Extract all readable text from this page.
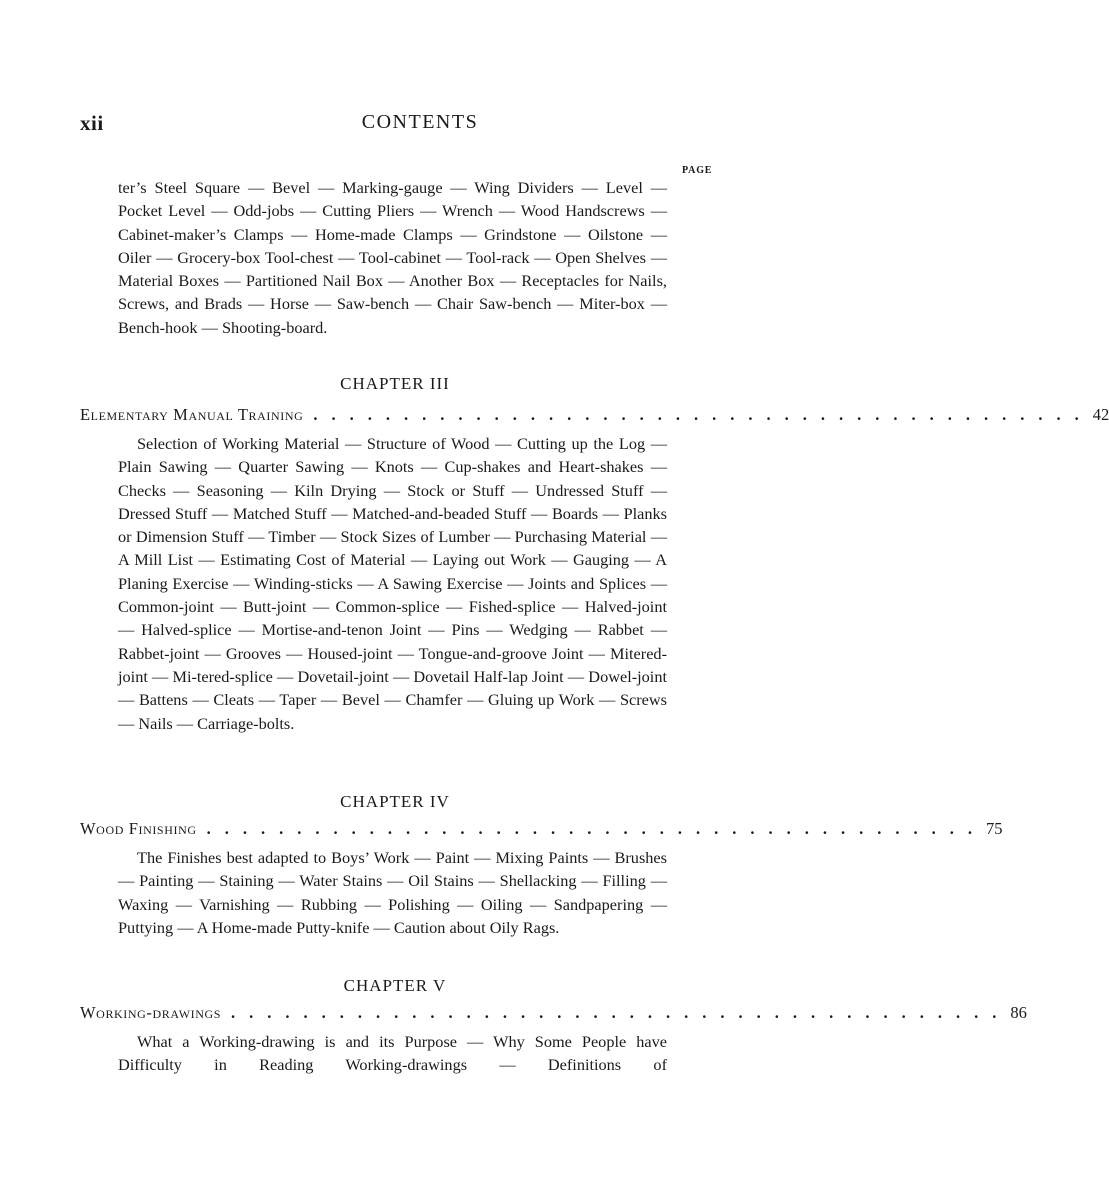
xii	CONTENTS
PAGE

ter’s Steel Square — Bevel — Marking-gauge — Wing Dividers — Level — Pocket Level — Odd-jobs — Cutting Pliers — Wrench — Wood Handscrews — Cabinet-maker’s Clamps — Home-made Clamps — Grindstone — Oilstone — Oiler — Grocery-box Tool-chest — Tool-cabinet — Tool-rack — Open Shelves — Material Boxes — Partitioned Nail Box — Another Box — Receptacles for Nails, Screws, and Brads — Horse — Saw-bench — Chair Saw-bench — Miter-box — Bench-hook — Shooting-board.

CHAPTER III
Elementary Manual Training ........................................... 42

Selection of Working Material — Structure of Wood — Cutting up the Log — Plain Sawing — Quarter Sawing — Knots — Cup-shakes and Heart-shakes — Checks — Seasoning — Kiln Drying — Stock or Stuff — Undressed Stuff — Dressed Stuff — Matched Stuff — Matched-and-beaded Stuff — Boards — Planks or Dimension Stuff — Timber — Stock Sizes of Lumber — Purchasing Material — A Mill List — Estimating Cost of Material — Laying out Work — Gauging — A Planing Exercise — Winding-sticks — A Sawing Exercise — Joints and Splices — Common-joint — Butt-joint — Common-splice — Fished-splice — Halved-joint — Halved-splice — Mortise-and-tenon Joint — Pins — Wedging — Rabbet — Rabbet-joint — Grooves — Housed-joint — Tongue-and-groove Joint — Mitered-joint — Mi-tered-splice — Dovetail-joint — Dovetail Half-lap Joint — Dowel-joint — Battens — Cleats — Taper — Bevel — Chamfer — Gluing up Work — Screws — Nails — Carriage-bolts.

CHAPTER IV
Wood Finishing ........................................... 75

The Finishes best adapted to Boys’ Work — Paint — Mixing Paints — Brushes — Painting — Staining — Water Stains — Oil Stains — Shellacking — Filling — Waxing — Varnishing — Rubbing — Polishing — Oiling — Sandpapering — Puttying — A Home-made Putty-knife — Caution about Oily Rags.

CHAPTER V
Working-drawings ........................................... 86

What a Working-drawing is and its Purpose — Why Some People have Difficulty in Reading Working-drawings — Definitions of
